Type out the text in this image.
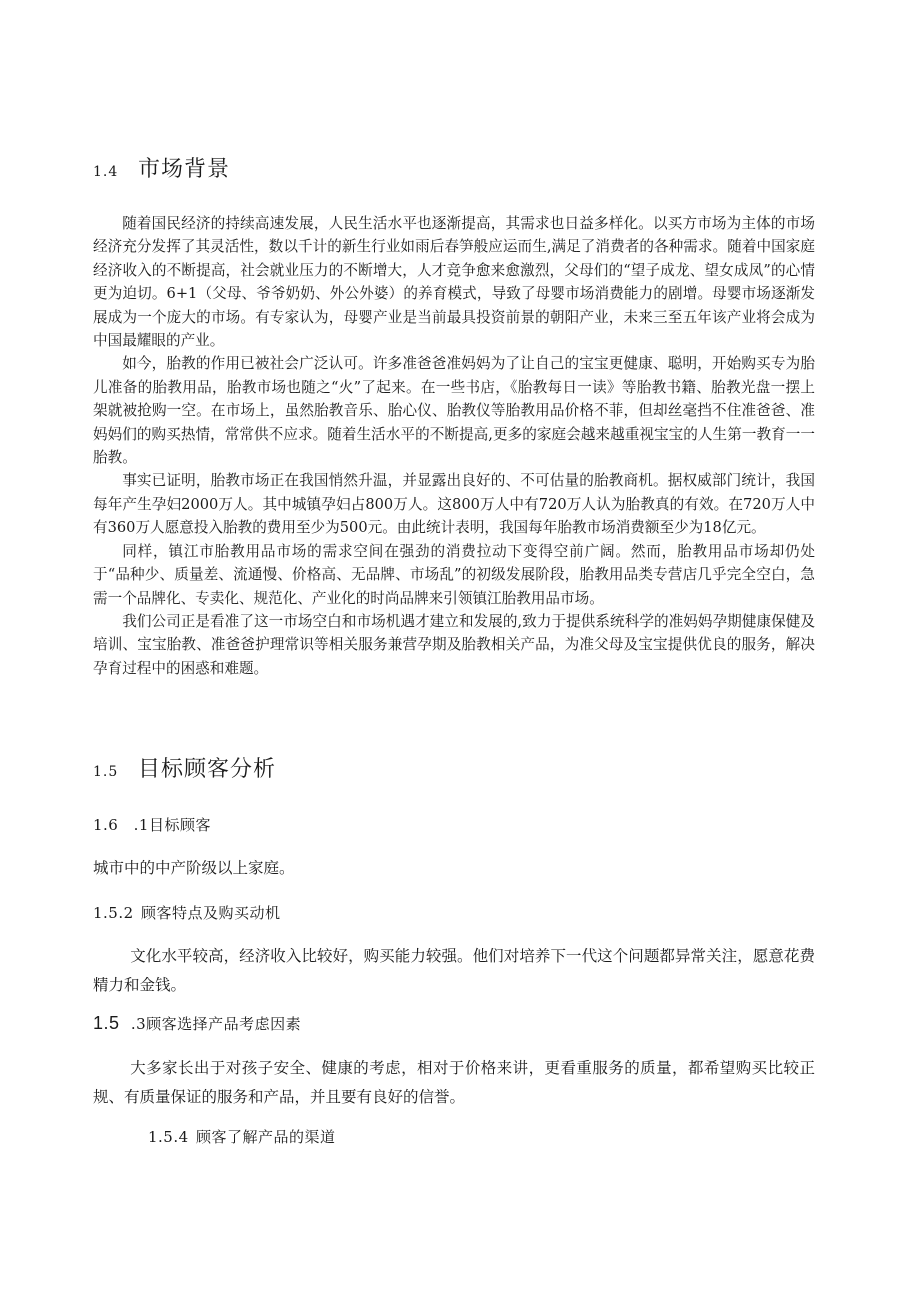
1.4 市场背景

随着国民经济的持续高速发展，人民生活水平也逐渐提高，其需求也日益多样化。以买方市场为主体的市场经济充分发挥了其灵活性，数以千计的新生行业如雨后春笋般应运而生,满足了消费者的各种需求。随着中国家庭经济收入的不断提高，社会就业压力的不断增大，人才竞争愈来愈激烈，父母们的“望子成龙、望女成凤”的心情更为迫切。6+1（父母、爷爷奶奶、外公外婆）的养育模式，导致了母婴市场消费能力的剧增。母婴市场逐渐发展成为一个庞大的市场。有专家认为，母婴产业是当前最具投资前景的朝阳产业，未来三至五年该产业将会成为中国最耀眼的产业。

如今，胎教的作用已被社会广泛认可。许多准爸爸准妈妈为了让自己的宝宝更健康、聪明，开始购买专为胎儿准备的胎教用品，胎教市场也随之“火”了起来。在一些书店，《胎教每日一读》等胎教书籍、胎教光盘一摆上架就被抢购一空。在市场上，虽然胎教音乐、胎心仪、胎教仪等胎教用品价格不菲，但却丝毫挡不住准爸爸、准妈妈们的购买热情，常常供不应求。随着生活水平的不断提高,更多的家庭会越来越重视宝宝的人生第一教育一一胎教。

事实已证明，胎教市场正在我国悄然升温，并显露出良好的、不可估量的胎教商机。据权威部门统计，我国每年产生孕妇2000万人。其中城镇孕妇占800万人。这800万人中有720万人认为胎教真的有效。在720万人中有360万人愿意投入胎教的费用至少为500元。由此统计表明，我国每年胎教市场消费额至少为18亿元。

同样，镇江市胎教用品市场的需求空间在强劲的消费拉动下变得空前广阔。然而，胎教用品市场却仍处于“品种少、质量差、流通慢、价格高、无品牌、市场乱”的初级发展阶段，胎教用品类专营店几乎完全空白，急需一个品牌化、专卖化、规范化、产业化的时尚品牌来引领镇江胎教用品市场。

我们公司正是看准了这一市场空白和市场机遇才建立和发展的,致力于提供系统科学的准妈妈孕期健康保健及培训、宝宝胎教、准爸爸护理常识等相关服务兼营孕期及胎教相关产品，为准父母及宝宝提供优良的服务，解决孕育过程中的困惑和难题。

1.5 目标顾客分析
1.6 .1目标顾客
城市中的中产阶级以上家庭。
1.5.2 顾客特点及购买动机

文化水平较高，经济收入比较好，购买能力较强。他们对培养下一代这个问题都异常关注，愿意花费精力和金钱。

1.5 .3顾客选择产品考虑因素

大多家长出于对孩子安全、健康的考虑，相对于价格来讲，更看重服务的质量，都希望购买比较正规、有质量保证的服务和产品，并且要有良好的信誉。

1.5.4 顾客了解产品的渠道
